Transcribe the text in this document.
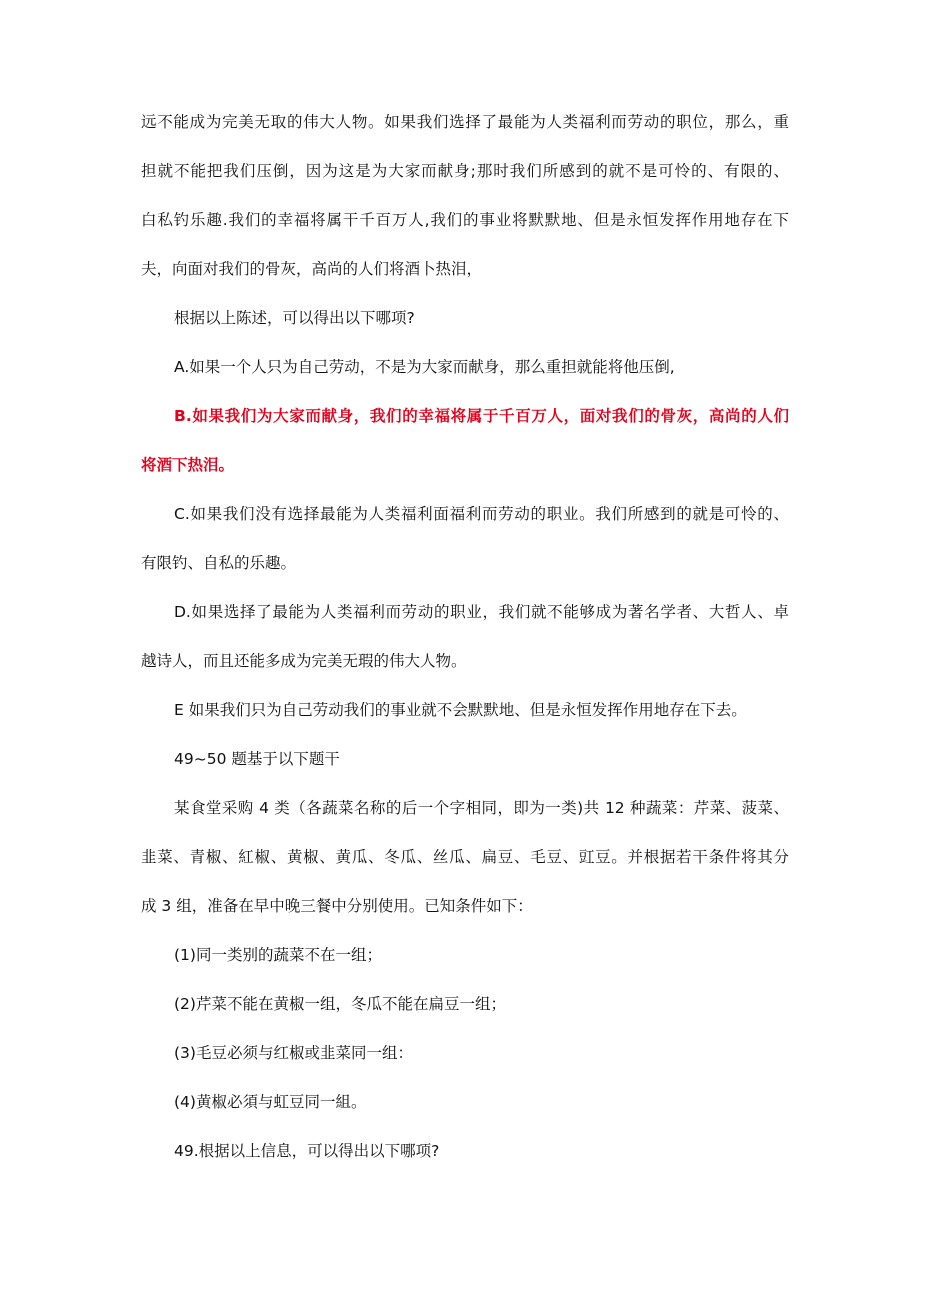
远不能成为完美无取的伟大人物。如果我们选择了最能为人类福利而劳动的职位，那么，重
担就不能把我们压倒，因为这是为大家而献身;那时我们所感到的就不是可怜的、有限的、
白私钓乐趣.我们的幸福将属干千百万人,我们的事业将默默地、但是永恒发挥作用地存在下
夫，向面对我们的骨灰，高尚的人们将酒卜热泪，
根据以上陈述，可以得出以下哪项?
A.如果一个人只为自己劳动，不是为大家而献身，那么重担就能将他压倒,
B.如果我们为大家而献身，我们的幸福将属于千百万人，面对我们的骨灰，高尚的人们
将酒下热泪。
C.如果我们没有选择最能为人类福利面福利而劳动的职业。我们所感到的就是可怜的、
有限钓、自私的乐趣。
D.如果选择了最能为人类福利而劳动的职业，我们就不能够成为著名学者、大哲人、卓
越诗人，而且还能多成为完美无瑕的伟大人物。
E 如果我们只为自己劳动我们的事业就不会默默地、但是永恒发挥作用地存在下去。
49~50 题基于以下题干
某食堂采购 4 类（各蔬菜名称的后一个字相同，即为一类)共 12 种蔬菜：芹菜、菠菜、
韭菜、青椒、紅椒、黄椒、黄瓜、冬瓜、丝瓜、扁豆、毛豆、豇豆。并根据若干条件将其分
成 3 组，准备在早中晚三餐中分别使用。已知条件如下：
(1)同一类别的蔬菜不在一组；
(2)芹菜不能在黄椒一组，冬瓜不能在扁豆一组；
(3)毛豆必须与红椒或韭菜同一组：
(4)黄椒必須与虹豆同一組。
49.根据以上信息，可以得出以下哪项?
